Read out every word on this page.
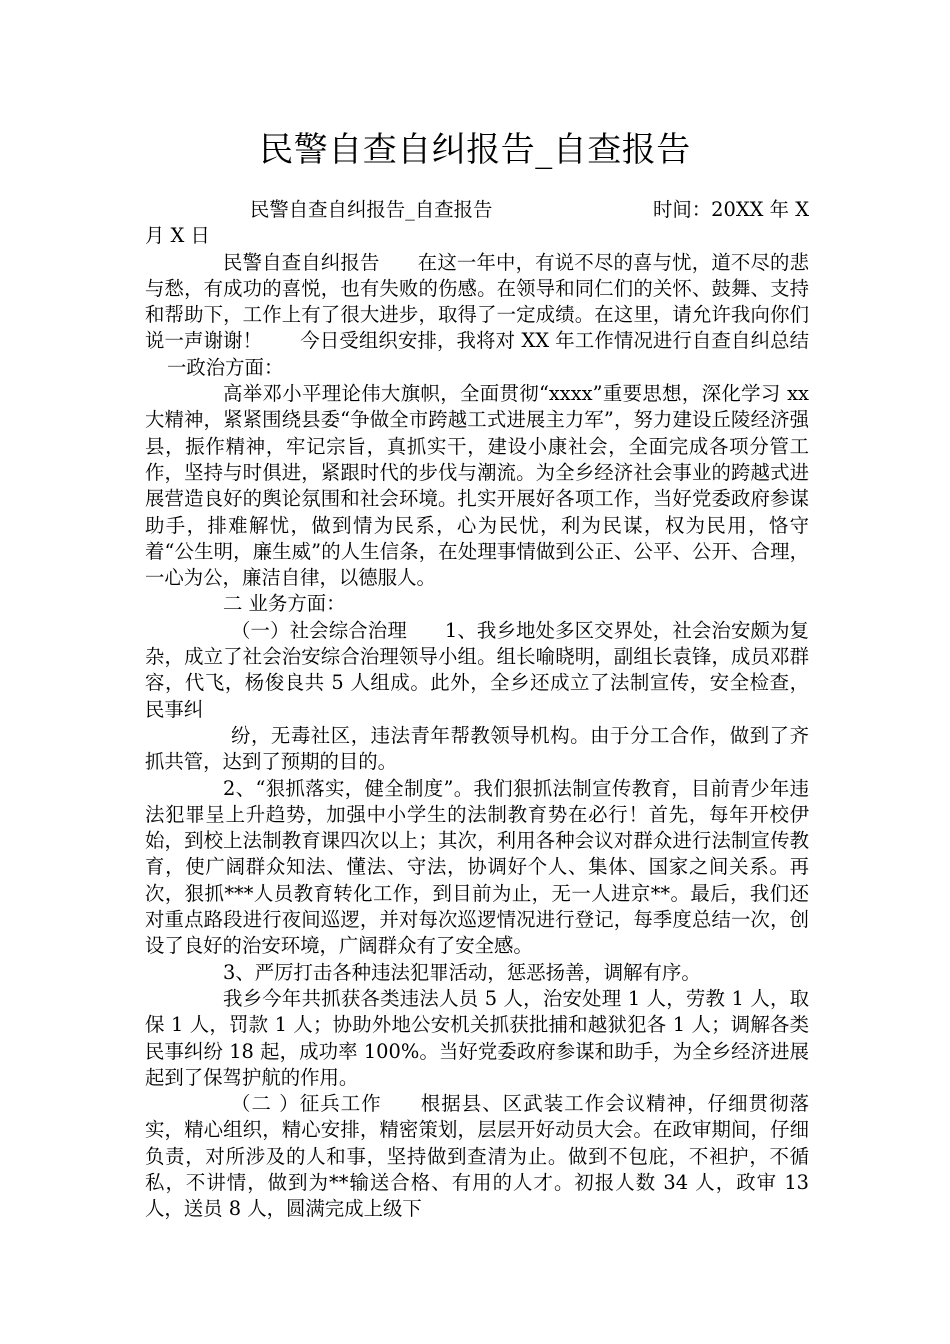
民警自查自纠报告_自查报告
民警自查自纠报告_自查报告	时间：20XX 年 X

月 X 日

民警自查自纠报告 在这一年中，有说不尽的喜与忧，道不尽的悲与愁，有成功的喜悦，也有失败的伤感。在领导和同仁们的关怀、鼓舞、支持和帮助下，工作上有了很大进步，取得了一定成绩。在这里，请允许我向你们说一声谢谢！ 今日受组织安排，我将对 XX 年工作情况进行自查自纠总结一政治方面：

高举邓小平理论伟大旗帜，全面贯彻“xxxx”重要思想，深化学习 xx 大精神，紧紧围绕县委“争做全市跨越工式进展主力军”，努力建设丘陵经济强县，振作精神，牢记宗旨，真抓实干，建设小康社会，全面完成各项分管工作，坚持与时俱进，紧跟时代的步伐与潮流。为全乡经济社会事业的跨越式进展营造良好的舆论氛围和社会环境。扎实开展好各项工作，当好党委政府参谋助手，排难解忧，做到情为民系，心为民忧，利为民谋，权为民用，恪守着“公生明，廉生威”的人生信条，在处理事情做到公正、公平、公开、合理，一心为公，廉洁自律，以德服人。

二 业务方面：

（一）社会综合治理 1、我乡地处多区交界处，社会治安颇为复杂，成立了社会治安综合治理领导小组。组长喻晓明，副组长袁锋，成员邓群容，代飞，杨俊良共 5 人组成。此外，全乡还成立了法制宣传，安全检查，民事纠

纷，无毒社区，违法青年帮教领导机构。由于分工合作，做到了齐抓共管，达到了预期的目的。

2、“狠抓落实，健全制度”。我们狠抓法制宣传教育，目前青少年违法犯罪呈上升趋势，加强中小学生的法制教育势在必行！首先，每年开校伊始，到校上法制教育课四次以上；其次，利用各种会议对群众进行法制宣传教育，使广阔群众知法、懂法、守法，协调好个人、集体、国家之间关系。再次，狠抓***人员教育转化工作，到目前为止，无一人进京**。最后，我们还对重点路段进行夜间巡逻，并对每次巡逻情况进行登记，每季度总结一次，创设了良好的治安环境，广阔群众有了安全感。

3、严厉打击各种违法犯罪活动，惩恶扬善，调解有序。

我乡今年共抓获各类违法人员 5 人，治安处理 1 人，劳教 1 人，取保 1 人，罚款 1 人；协助外地公安机关抓获批捕和越狱犯各 1 人；调解各类民事纠纷 18 起，成功率 100%。当好党委政府参谋和助手，为全乡经济进展起到了保驾护航的作用。

（二 ）征兵工作 根据县、区武装工作会议精神，仔细贯彻落实，精心组织，精心安排，精密策划，层层开好动员大会。在政审期间，仔细负责，对所涉及的人和事，坚持做到查清为止。做到不包庇，不袒护，不循私，不讲情，做到为**输送合格、有用的人才。初报人数 34 人，政审 13 人，送员 8 人，圆满完成上级下
